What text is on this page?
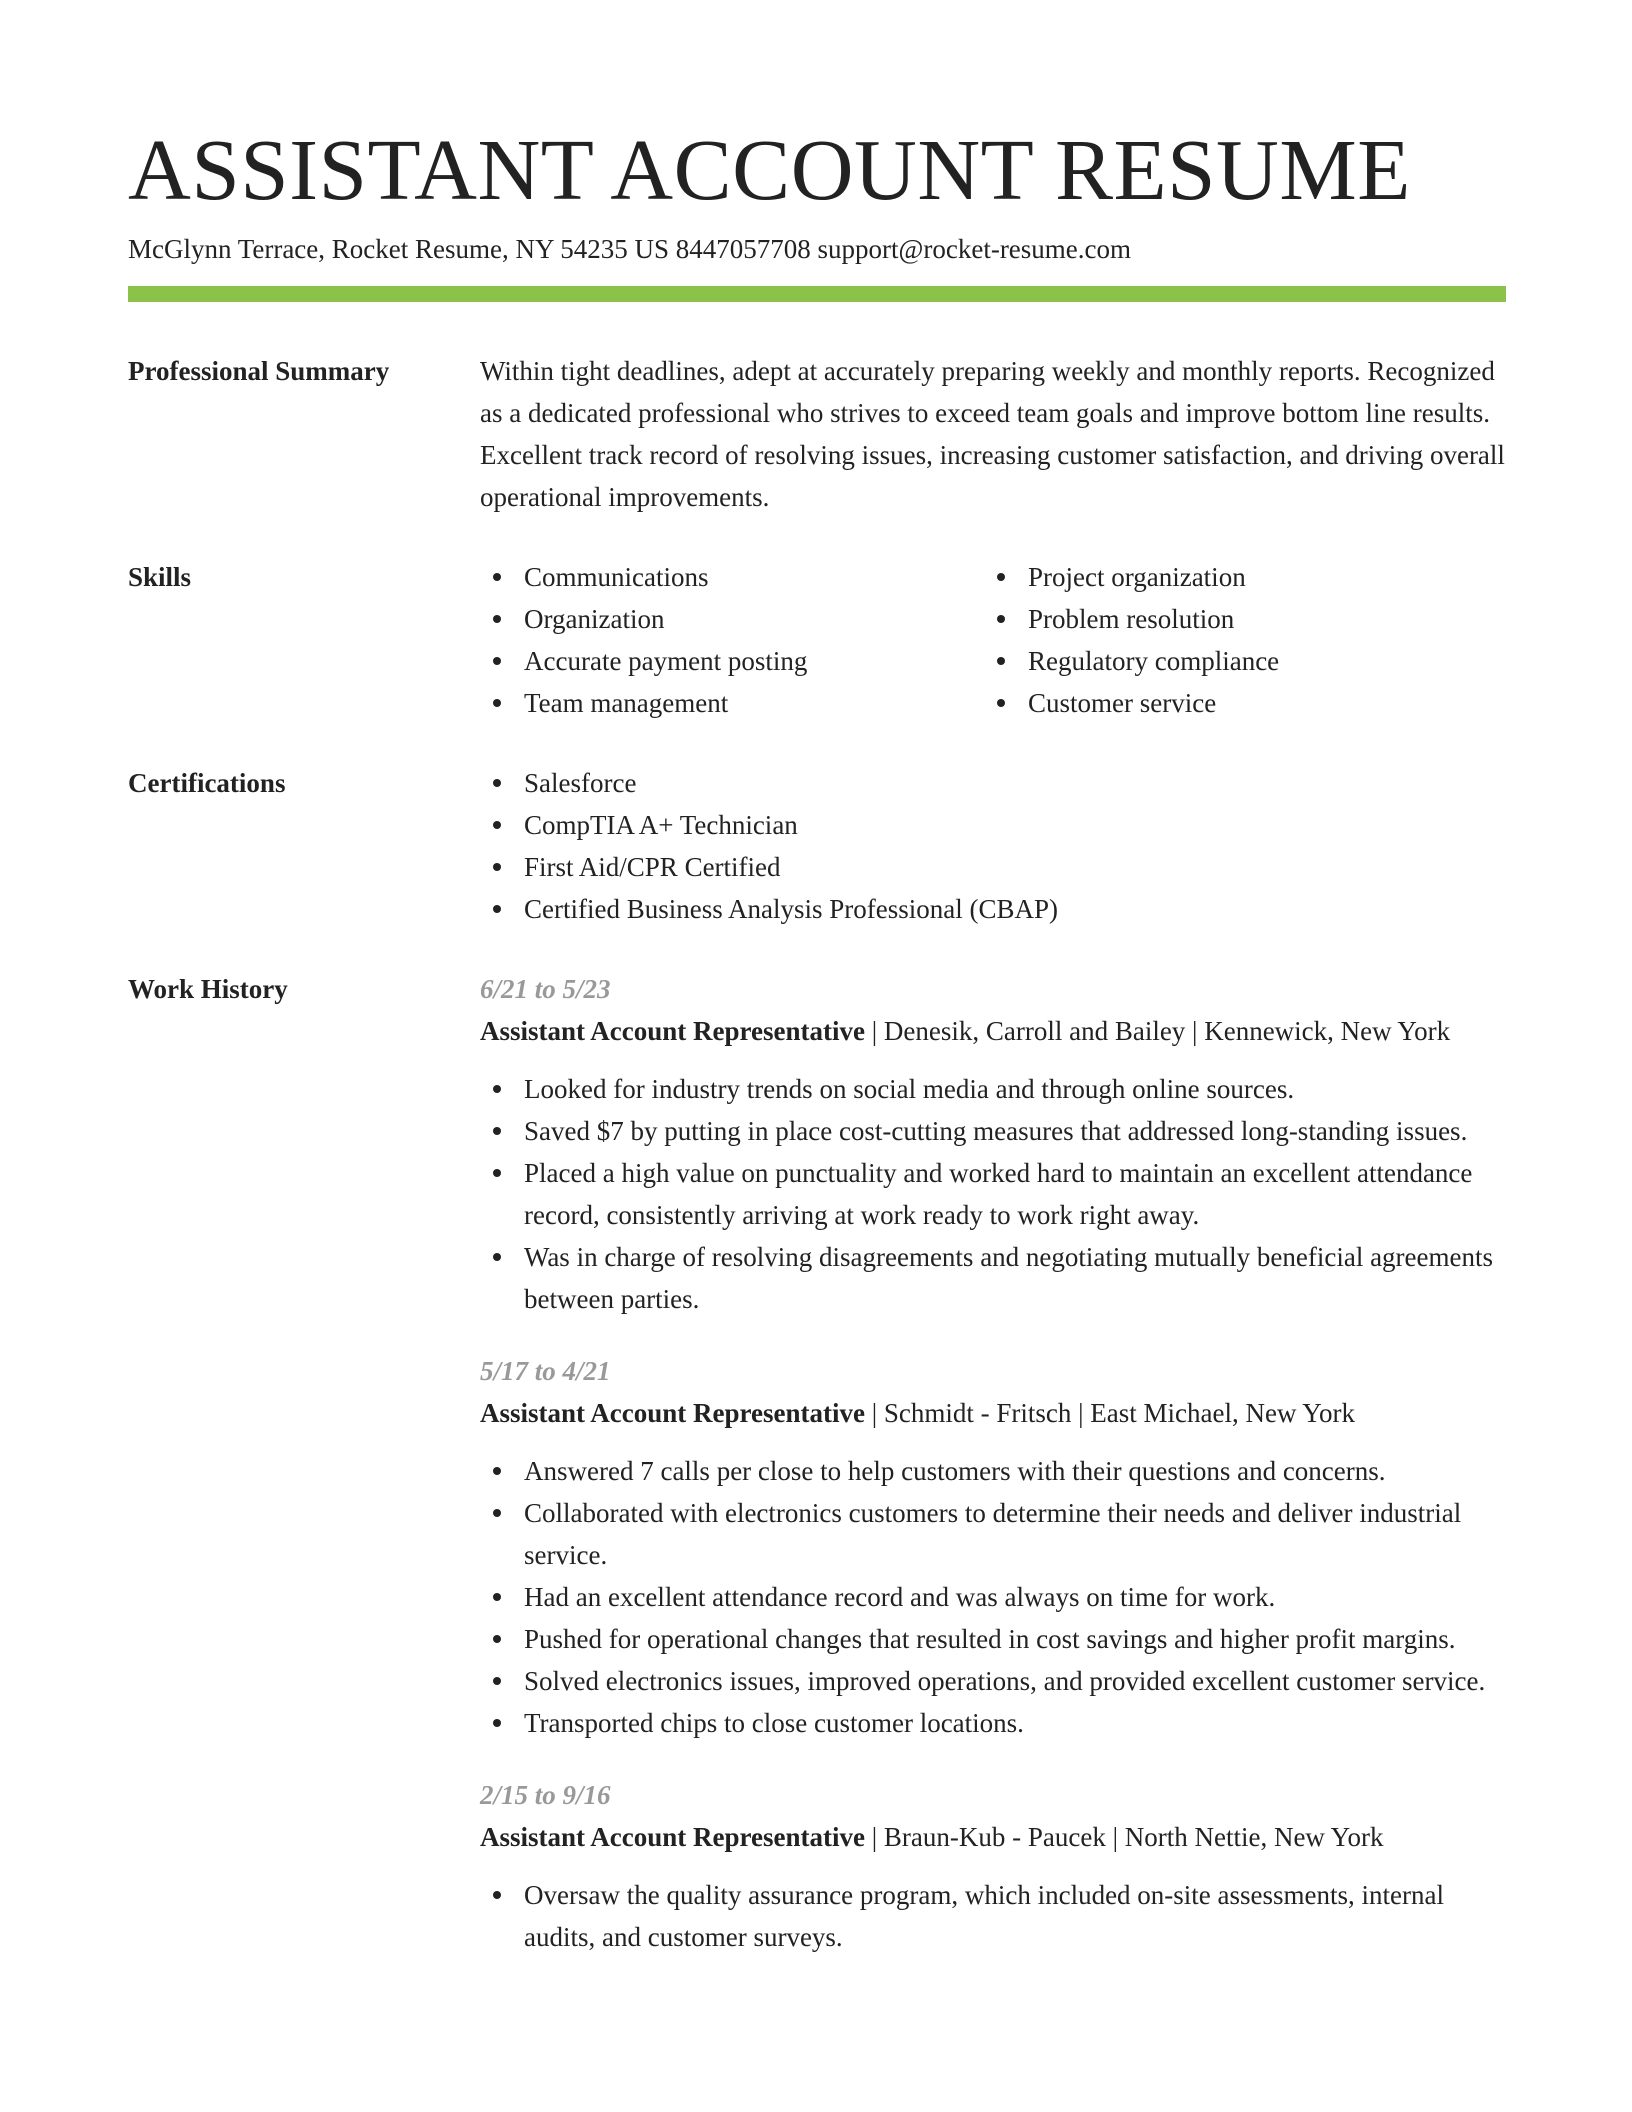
ASSISTANT ACCOUNT RESUME
McGlynn Terrace, Rocket Resume, NY 54235 US 8447057708 support@rocket-resume.com
Professional Summary	Within tight deadlines, adept at accurately preparing weekly and monthly reports. Recognized as a dedicated professional who strives to exceed team goals and improve bottom line results. Excellent track record of resolving issues, increasing customer satisfaction, and driving overall operational improvements.

Skills	Communications
Organization
Accurate payment posting
Team management
Project organization
Problem resolution
Regulatory compliance
Customer service
Certifications	Salesforce
CompTIA A+ Technician
First Aid/CPR Certified
Certified Business Analysis Professional (CBAP)
Work History	6/21 to 5/23
Assistant Account Representative | Denesik, Carroll and Bailey | Kennewick, New York
Looked for industry trends on social media and through online sources.
Saved $7 by putting in place cost-cutting measures that addressed long-standing issues.
Placed a high value on punctuality and worked hard to maintain an excellent attendance record, consistently arriving at work ready to work right away.
Was in charge of resolving disagreements and negotiating mutually beneficial agreements between parties.
5/17 to 4/21
Assistant Account Representative | Schmidt - Fritsch | East Michael, New York
Answered 7 calls per close to help customers with their questions and concerns.
Collaborated with electronics customers to determine their needs and deliver industrial service.
Had an excellent attendance record and was always on time for work.
Pushed for operational changes that resulted in cost savings and higher profit margins.
Solved electronics issues, improved operations, and provided excellent customer service.
Transported chips to close customer locations.
2/15 to 9/16
Assistant Account Representative | Braun-Kub - Paucek | North Nettie, New York
Oversaw the quality assurance program, which included on-site assessments, internal audits, and customer surveys.
